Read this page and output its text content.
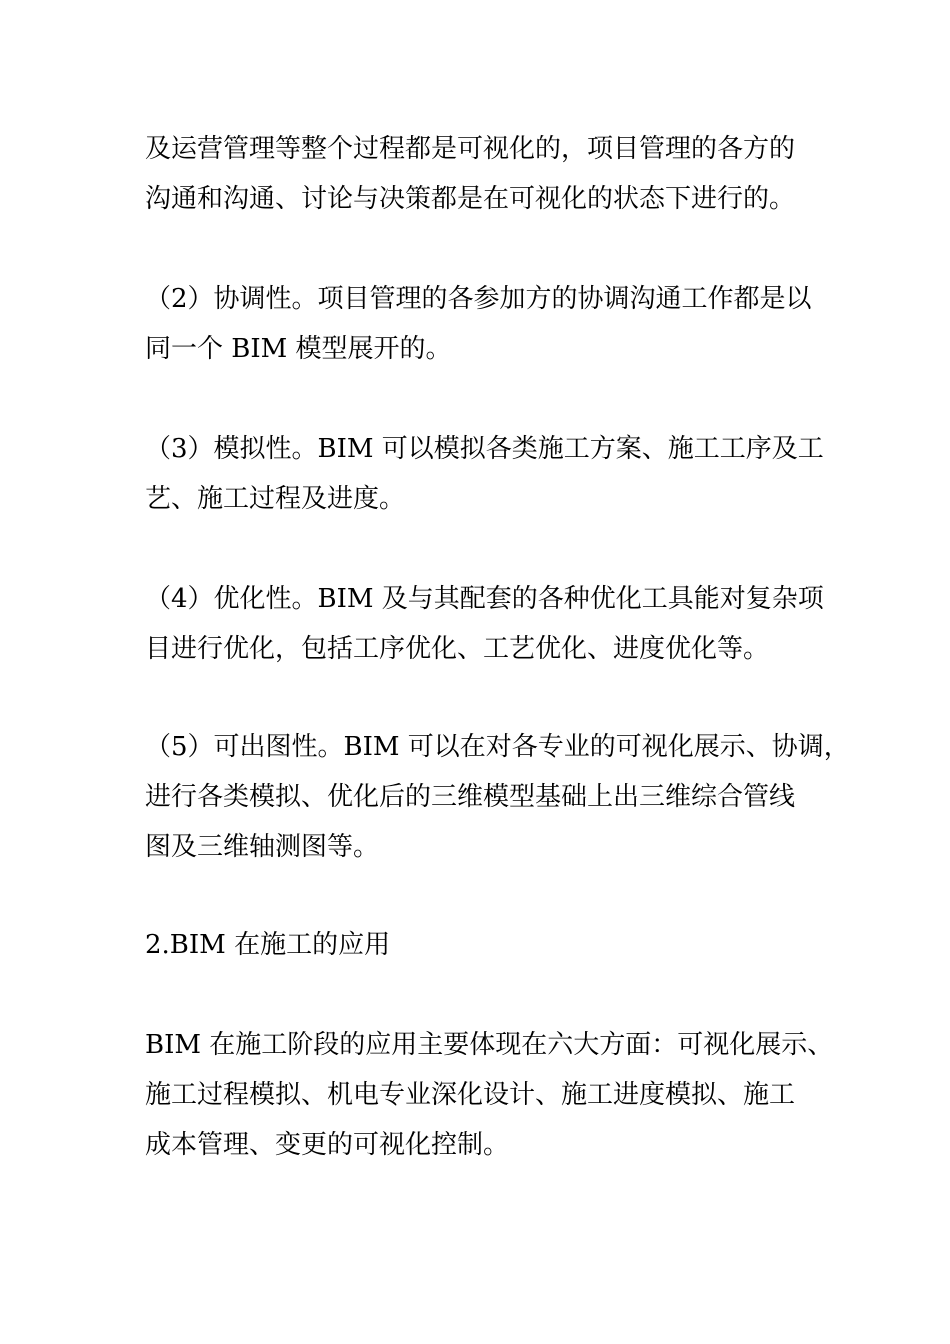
及运营管理等整个过程都是可视化的，项目管理的各方的
沟通和沟通、讨论与决策都是在可视化的状态下进行的。

（2）协调性。项目管理的各参加方的协调沟通工作都是以
同一个 BIM 模型展开的。

（3）模拟性。BIM 可以模拟各类施工方案、施工工序及工
艺、施工过程及进度。

（4）优化性。BIM 及与其配套的各种优化工具能对复杂项
目进行优化，包括工序优化、工艺优化、进度优化等。

（5）可出图性。BIM 可以在对各专业的可视化展示、协调，
进行各类模拟、优化后的三维模型基础上出三维综合管线
图及三维轴测图等。

2.BIM 在施工的应用

BIM 在施工阶段的应用主要体现在六大方面：可视化展示、
施工过程模拟、机电专业深化设计、施工进度模拟、施工
成本管理、变更的可视化控制。
